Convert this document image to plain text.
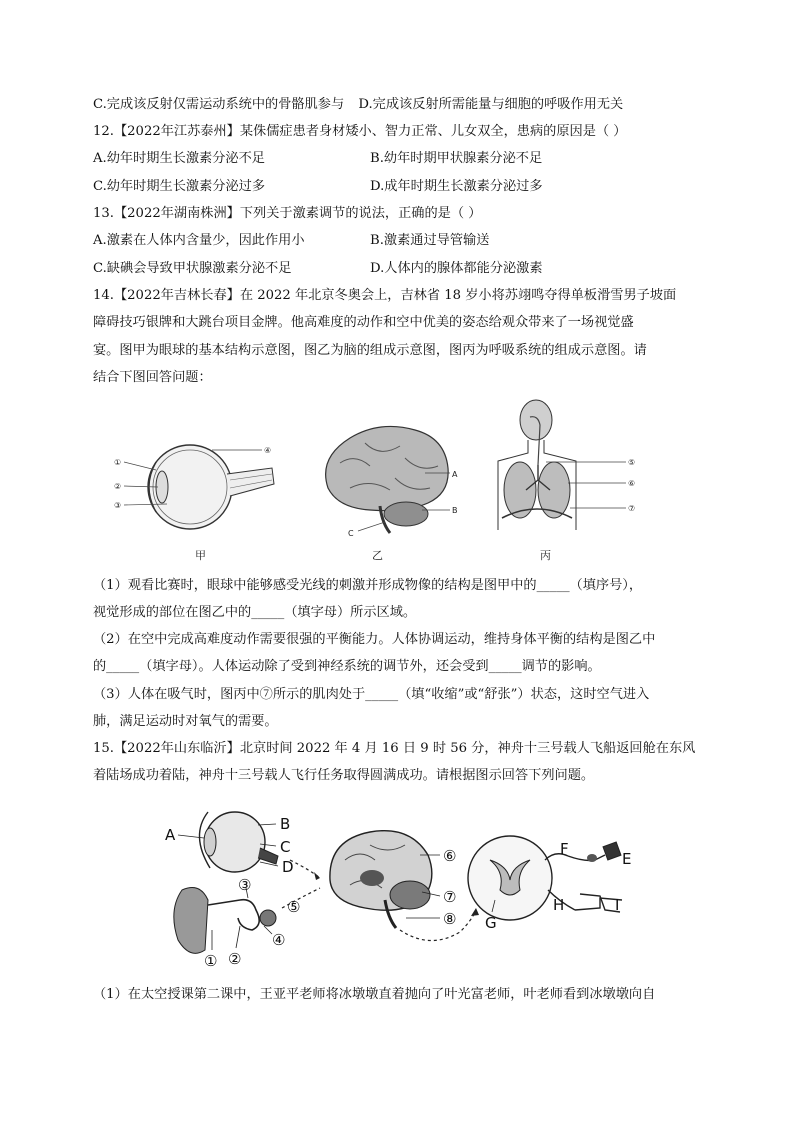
C.完成该反射仅需运动系统中的骨骼肌参与 D.完成该反射所需能量与细胞的呼吸作用无关
12.【2022年江苏泰州】某侏儒症患者身材矮小、智力正常、儿女双全，患病的原因是（ ）
A.幼年时期生长激素分泌不足	B.幼年时期甲状腺素分泌不足
C.幼年时期生长激素分泌过多	D.成年时期生长激素分泌过多
13.【2022年湖南株洲】下列关于激素调节的说法，正确的是（ ）
A.激素在人体内含量少，因此作用小	B.激素通过导管输送
C.缺碘会导致甲状腺激素分泌不足	D.人体内的腺体都能分泌激素
14.【2022年吉林长春】在 2022 年北京冬奥会上，吉林省 18 岁小将苏翊鸣夺得单板滑雪男子坡面
障碍技巧银牌和大跳台项目金牌。他高难度的动作和空中优美的姿态给观众带来了一场视觉盛
宴。图甲为眼球的基本结构示意图，图乙为脑的组成示意图，图丙为呼吸系统的组成示意图。请
结合下图回答问题：
①
②
③
④
甲
A
B
C
乙
⑤
⑥
⑦
丙
（1）观看比赛时，眼球中能够感受光线的刺激并形成物像的结构是图甲中的_____（填序号），
视觉形成的部位在图乙中的_____（填字母）所示区域。
（2）在空中完成高难度动作需要很强的平衡能力。人体协调运动，维持身体平衡的结构是图乙中
的_____（填字母）。人体运动除了受到神经系统的调节外，还会受到_____调节的影响。
（3）人体在吸气时，图丙中⑦所示的肌肉处于_____（填“收缩”或“舒张”）状态，这时空气进入
肺，满足运动时对氧气的需要。
15.【2022年山东临沂】北京时间 2022 年 4 月 16 日 9 时 56 分，神舟十三号载人飞船返回舱在东风
着陆场成功着陆，神舟十三号载人飞行任务取得圆满成功。请根据图示回答下列问题。
A
B
C
D
① ②
③
④
⑤
⑥
⑦
⑧ G
F
E
H	I
（1）在太空授课第二课中，王亚平老师将冰墩墩直着抛向了叶光富老师，叶老师看到冰墩墩向自
